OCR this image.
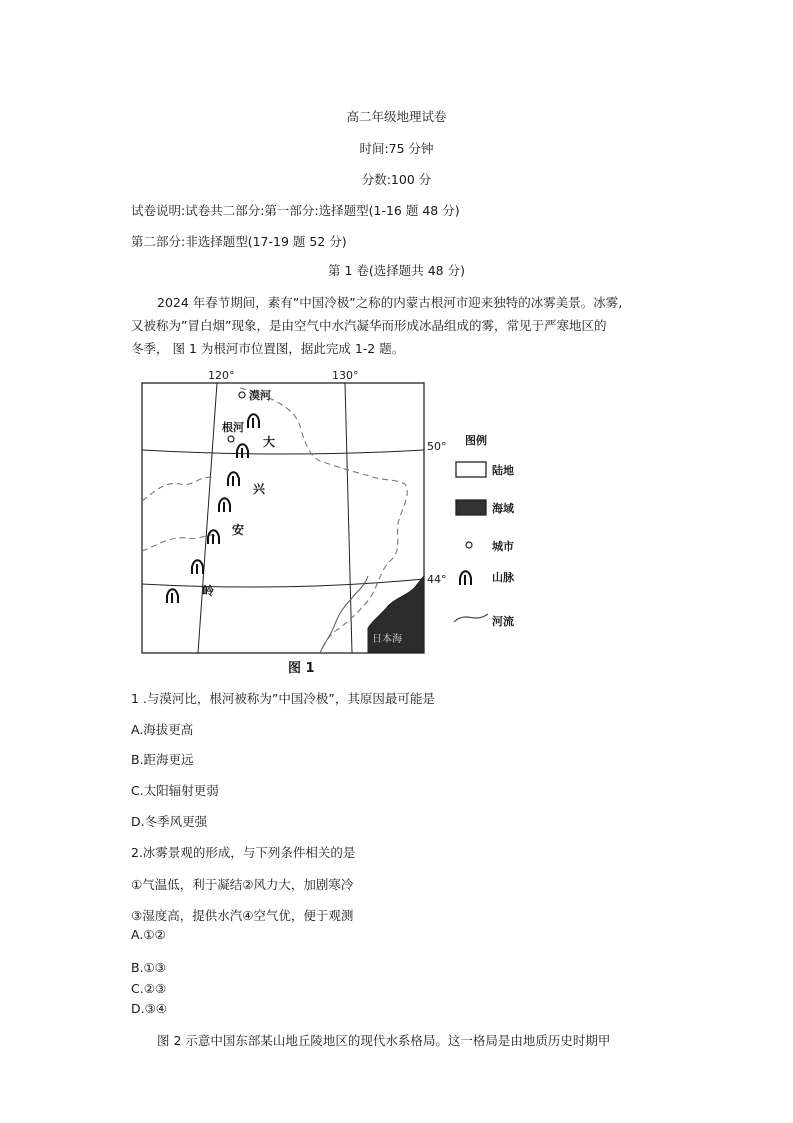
高二年级地理试卷
时间:75 分钟
分数:100 分
试卷说明:试卷共二部分:第一部分:选择题型(1-16 题 48 分)
第二部分:非选择题型(17-19 题 52 分)
第 1 卷(选择题共 48 分)
2024 年春节期间，素有”中国冷极”之称的内蒙古根河市迎来独特的冰雾美景。冰雾,
又被称为”冒白烟”现象，是由空气中水汽凝华而形成冰晶组成的雾，常见于严寒地区的
冬季， 图 1 为根河市位置图，据此完成 1-2 题。
120°	130°
50°
44°
漠河
根河
大
兴
安
岭
日本海
图例
陆地
海域
城市
山脉
河流
图 1
1 .与漠河比，根河被称为”中国冷极”，其原因最可能是
A.海拔更高
B.距海更远
C.太阳辐射更弱
D.冬季风更强
2.冰雾景观的形成，与下列条件相关的是
①气温低，利于凝结②风力大，加剧寒冷
③湿度高，提供水汽④空气优，便于观测
A.①②
B.①③
C.②③
D.③④
图 2 示意中国东部某山地丘陵地区的现代水系格局。这一格局是由地质历史时期甲
